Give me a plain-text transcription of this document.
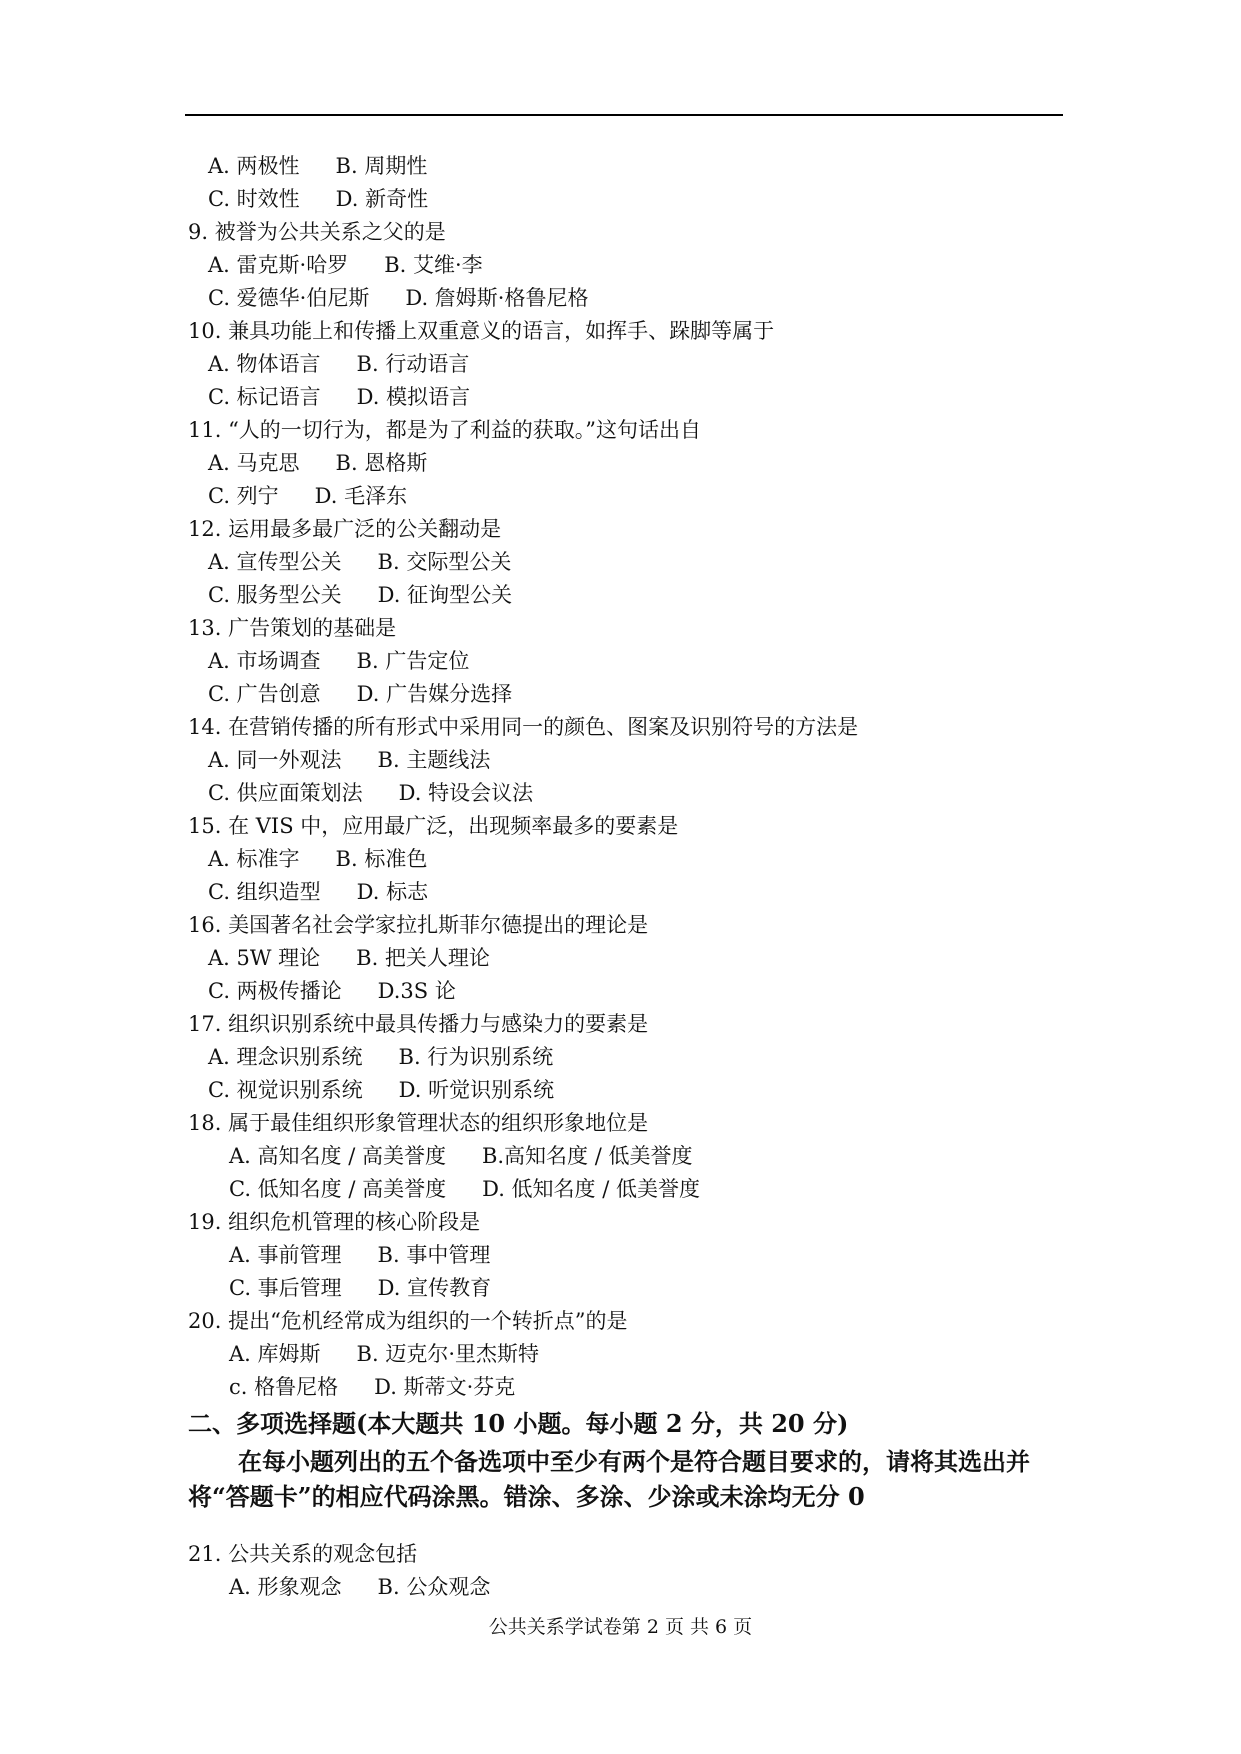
A. 两极性 B. 周期性
C. 时效性 D. 新奇性
9. 被誉为公共关系之父的是
A. 雷克斯·哈罗 B. 艾维·李
C. 爱德华·伯尼斯 D. 詹姆斯·格鲁尼格
10. 兼具功能上和传播上双重意义的语言，如挥手、跺脚等属于
A. 物体语言 B. 行动语言
C. 标记语言 D. 模拟语言
11. “人的一切行为，都是为了利益的获取。”这句话出自
A. 马克思 B. 恩格斯
C. 列宁 D. 毛泽东
12. 运用最多最广泛的公关翻动是
A. 宣传型公关 B. 交际型公关
C. 服务型公关 D. 征询型公关
13. 广告策划的基础是
A. 市场调查 B. 广告定位
C. 广告创意 D. 广告媒分选择
14. 在营销传播的所有形式中采用同一的颜色、图案及识别符号的方法是
A. 同一外观法 B. 主题线法
C. 供应面策划法 D. 特设会议法
15. 在 VIS 中，应用最广泛，出现频率最多的要素是
A. 标准字 B. 标准色
C. 组织造型 D. 标志
16. 美国著名社会学家拉扎斯菲尔德提出的理论是
A. 5W 理论 B. 把关人理论
C. 两极传播论 D.3S 论
17. 组织识别系统中最具传播力与感染力的要素是
A. 理念识别系统 B. 行为识别系统
C. 视觉识别系统 D. 听觉识别系统
18. 属于最佳组织形象管理状态的组织形象地位是
A. 高知名度 / 高美誉度 B.高知名度 / 低美誉度
C. 低知名度 / 高美誉度 D. 低知名度 / 低美誉度
19. 组织危机管理的核心阶段是
A. 事前管理 B. 事中管理
C. 事后管理 D. 宣传教育
20. 提出“危机经常成为组织的一个转折点”的是
A. 库姆斯 B. 迈克尔·里杰斯特
c. 格鲁尼格 D. 斯蒂文·芬克
二、多项选择题(本大题共 10 小题。每小题 2 分，共 20 分)
在每小题列出的五个备选项中至少有两个是符合题目要求的，请将其选出并将“答题卡”的相应代码涂黑。错涂、多涂、少涂或未涂均无分 0
21. 公共关系的观念包括
A. 形象观念 B. 公众观念
公共关系学试卷第 2 页 共 6 页
